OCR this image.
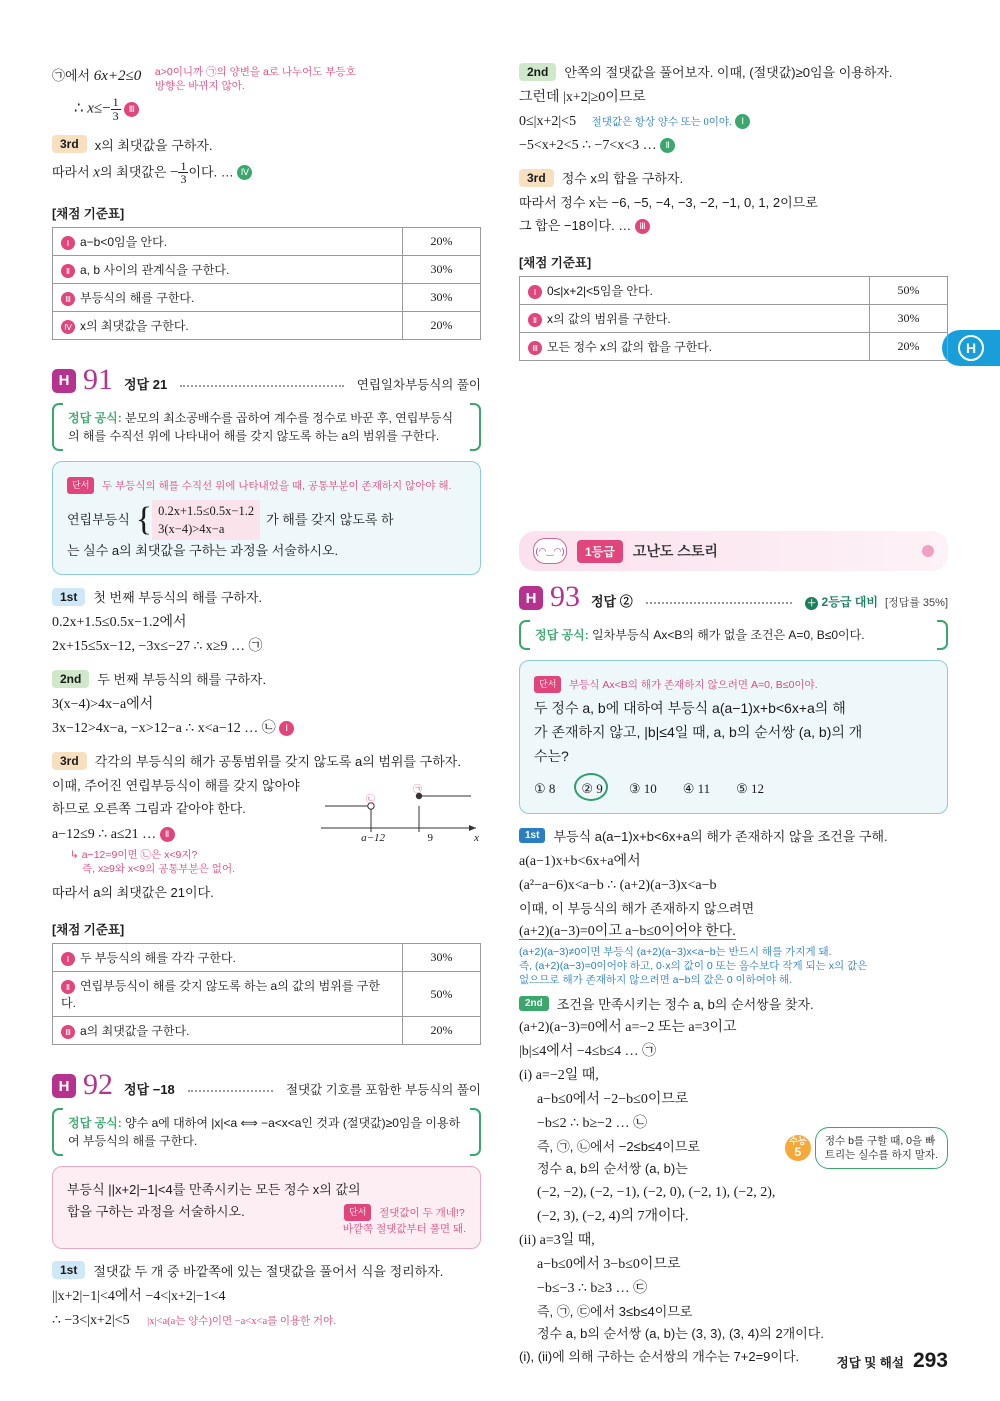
H
㉠에서 6x+2≤0 a>0이니까 ㉠의 양변을 a로 나누어도 부등호 방향은 바뀌지 않아.
∴ $x\le- \frac{1}{3}$ Ⅲ
3rd	x의 최댓값을 구하자.
따라서 x의 최댓값은 − $\frac{1}{3}$ 이다. … Ⅳ
[채점 기준표]
Ⅰ a−b<0임을 안다.	20%
Ⅱ a, b 사이의 관계식을 구한다.	30%
Ⅲ 부등식의 해를 구한다.	30%
Ⅳ x의 최댓값을 구한다.	20%
H 91 정답 21	연립일차부등식의 풀이
정답 공식: 분모의 최소공배수를 곱하여 계수를 정수로 바꾼 후, 연립부등식의 해를 수직선 위에 나타내어 해를 갖지 않도록 하는 a의 범위를 구한다.
단서 두 부등식의 해를 수직선 위에 나타내었을 때, 공통부분이 존재하지 않아야 해.
연립부등식 { 0.2x+1.5≤0.5x−1.2
3(x−4)>4x−a
가 해를 갖지 않도록 하
는 실수 a의 최댓값을 구하는 과정을 서술하시오.
1st	첫 번째 부등식의 해를 구하자.
0.2x+1.5≤0.5x−1.2에서
2x+15≤5x−12, −3x≤−27 ∴ x≥9 … ㉠
2nd	두 번째 부등식의 해를 구하자.
3(x−4)>4x−a에서
3x−12>4x−a, −x>12−a ∴ x<a−12 … ㉡ Ⅰ
3rd	각각의 부등식의 해가 공통범위를 갖지 않도록 a의 범위를 구하자.
이때, 주어진 연립부등식이 해를 갖지 않아야
하므로 오른쪽 그림과 같아야 한다.
㉠
㉡
a−12	9	x
a−12≤9 ∴ a≤21 … Ⅱ
↳ a−12=9이면 ㉡은 x<9지?
즉, x≥9와 x<9의 공통부분은 없어.
따라서 a의 최댓값은 21이다.
[채점 기준표]
Ⅰ 두 부등식의 해를 각각 구한다.	30%
Ⅱ 연립부등식이 해를 갖지 않도록 하는 a의 값의 범위를 구한다.	50%
Ⅲ a의 최댓값을 구한다.	20%
H 92 정답 −18	절댓값 기호를 포함한 부등식의 풀이
정답 공식: 양수 a에 대하여 |x|<a ⟺ −a<x<a인 것과 (절댓값)≥0임을 이용하여 부등식의 해를 구한다.
부등식 ||x+2|−1|<4를 만족시키는 모든 정수 x의 값의
합을 구하는 과정을 서술하시오.	단서 절댓값이 두 개네!?
바깥쪽 절댓값부터 풀면 돼.
1st	절댓값 두 개 중 바깥쪽에 있는 절댓값을 풀어서 식을 정리하자.
||x+2|−1|<4에서 −4<|x+2|−1<4
∴ −3<|x+2|<5 |x|<a(a는 양수)이면 −a<x<a를 이용한 거야.
2nd	안쪽의 절댓값을 풀어보자. 이때, (절댓값)≥0임을 이용하자.
그런데 |x+2|≥0이므로
0≤|x+2|<5 절댓값은 항상 양수 또는 0이야. Ⅰ
−5<x+2<5 ∴ −7<x<3 … Ⅱ
3rd	정수 x의 합을 구하자.
따라서 정수 x는 −6, −5, −4, −3, −2, −1, 0, 1, 2이므로
그 합은 −18이다. … Ⅲ
[채점 기준표]
Ⅰ 0≤|x+2|<5임을 안다.	50%
Ⅱ x의 값의 범위를 구한다.	30%
Ⅲ 모든 정수 x의 값의 합을 구한다.	20%
(◠‿◠)	1등급	고난도 스토리
H 93 정답 ②	＋ 2등급 대비 [정답률 35%]
정답 공식: 일차부등식 Ax<B의 해가 없을 조건은 A=0, B≤0이다.
단서 부등식 Ax<B의 해가 존재하지 않으려면 A=0, B≤0이야.
두 정수 a, b에 대하여 부등식 a(a−1)x+b<6x+a의 해
가 존재하지 않고, |b|≤4일 때, a, b의 순서쌍 (a, b)의 개
수는?
① 8 ② 9 ③ 10 ④ 11 ⑤ 12
1st	부등식 a(a−1)x+b<6x+a의 해가 존재하지 않을 조건을 구해.
a(a−1)x+b<6x+a에서
(a²−a−6)x<a−b ∴ (a+2)(a−3)x<a−b
이때, 이 부등식의 해가 존재하지 않으려면
(a+2)(a−3)=0이고 a−b≤0이어야 한다.
(a+2)(a−3)≠0이면 부등식 (a+2)(a−3)x<a−b는 반드시 해를 가지게 돼.
즉, (a+2)(a−3)=0이어야 하고, 0·x의 값이 0 또는 음수보다 작게 되는 x의 값은
없으므로 해가 존재하지 않으려면 a−b의 값은 0 이하여야 해.
2nd	조건을 만족시키는 정수 a, b의 순서쌍을 찾자.
(a+2)(a−3)=0에서 a=−2 또는 a=3이고
|b|≤4에서 −4≤b≤4 … ㉠
(i) a=−2일 때,
a−b≤0에서 −2−b≤0이므로
−b≤2 ∴ b≥−2 … ㉡
즉, ㉠, ㉡에서 −2≤b≤4이므로
정수 a, b의 순서쌍 (a, b)는
수능
5
정수 b를 구할 때, 0을 빠
트리는 실수를 하지 말자.
(−2, −2), (−2, −1), (−2, 0), (−2, 1), (−2, 2),
(−2, 3), (−2, 4)의 7개이다.
(ii) a=3일 때,
a−b≤0에서 3−b≤0이므로
−b≤−3 ∴ b≥3 … ㉢
즉, ㉠, ㉢에서 3≤b≤4이므로
정수 a, b의 순서쌍 (a, b)는 (3, 3), (3, 4)의 2개이다.
(i), (ii)에 의해 구하는 순서쌍의 개수는 7+2=9이다.	정답 및 해설 293
